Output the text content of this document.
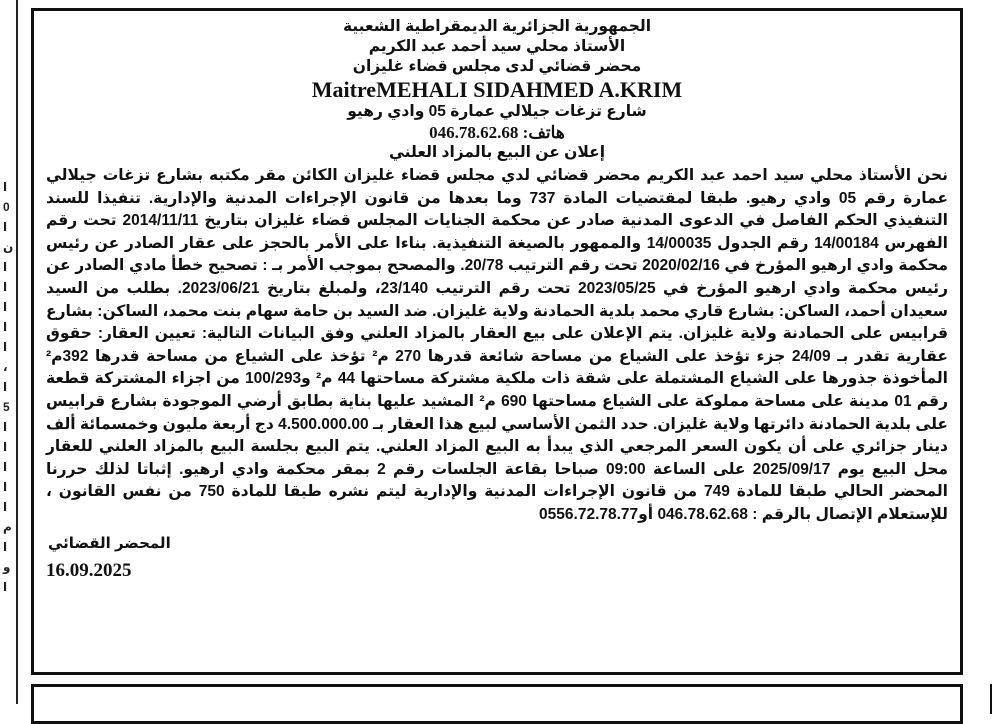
ا
0
ا
ن
ا
ا
ا
ا
ا
،
ا
5
ا
ا
ا
ا
ا
م
ا
و
ا
الجمهورية الجزائرية الديمقراطية الشعبية
الأستاذ محلي سيد أحمد عبد الكريم
محضر قضائي لدى مجلس قضاء غليزان
MaitreMEHALI SIDAHMED A.KRIM
شارع تزغات جيلالي عمارة 05 وادي رهيو
هاتف: 046.78.62.68
إعلان عن البيع بالمزاد العلني
نحن الأستاذ محلي سيد احمد عبد الكريم محضر قضائي لدي مجلس قضاء غليزان الكائن مقر مكتبه بشارع تزغات جيلالي عمارة رقم 05 وادي رهيو. طبقا لمقتضيات المادة 737 وما بعدها من قانون الإجراءات المدنية والإدارية. تنفيذا للسند التنفيذي الحكم الفاصل في الدعوى المدنية صادر عن محكمة الجنايات المجلس قضاء غليزان بتاريخ 2014/11/11 تحت رقم الفهرس 14/00184 رقم الجدول 14/00035 والممهور بالصيغة التنفيذية. بناءا على الأمر بالحجز على عقار الصادر عن رئيس محكمة وادي ارهيو المؤرخ في 2020/02/16 تحت رقم الترتيب 20/78. والمصحح بموجب الأمر بـ : تصحيح خطأ مادي الصادر عن رئيس محكمة وادي ارهيو المؤرخ في 2023/05/25 تحت رقم الترتيب 23/140، ولمبلغ بتاريخ 2023/06/21. بطلب من السيد سعيدان أحمد، الساكن: بشارع قاري محمد بلدية الحمادنة ولاية غليزان. ضد السيد بن حامة سهام بنت محمد، الساكن: بشارع قرابيس على الحمادنة ولاية غليزان. يتم الإعلان على بيع العقار بالمزاد العلني وفق البيانات التالية: تعيين العقار: حقوق عقارية تقدر بـ 24/09 جزء تؤخذ على الشياع من مساحة شائعة قدرها 270 م² تؤخذ على الشياع من مساحة قدرها 392م² المأخوذة جذورها على الشياع المشتملة على شقة ذات ملكية مشتركة مساحتها 44 م² و100/293 من اجزاء المشتركة قطعة رقم 01 مدينة على مساحة مملوكة على الشياع مساحتها 690 م² المشيد عليها بناية بطابق أرضي الموجودة بشارع قرابيس على بلدية الحمادنة دائرتها ولاية غليزان. حدد الثمن الأساسي لبيع هذا العقار بـ 4.500.000.00 دج أربعة مليون وخمسمائة ألف دينار جزائري على أن يكون السعر المرجعي الذي يبدأ به البيع المزاد العلني. يتم البيع بجلسة البيع بالمزاد العلني للعقار محل البيع يوم 2025/09/17 على الساعة 09:00 صباحا بقاعة الجلسات رقم 2 بمقر محكمة وادي ارهيو. إثباتا لذلك حررنا المحضر الحالي طبقا للمادة 749 من قانون الإجراءات المدنية والإدارية ليتم نشره طبقا للمادة 750 من نفس القانون ، للإستعلام الإتصال بالرقم : 046.78.62.68 أو0556.72.78.77
المحضر القضائي
16.09.2025
